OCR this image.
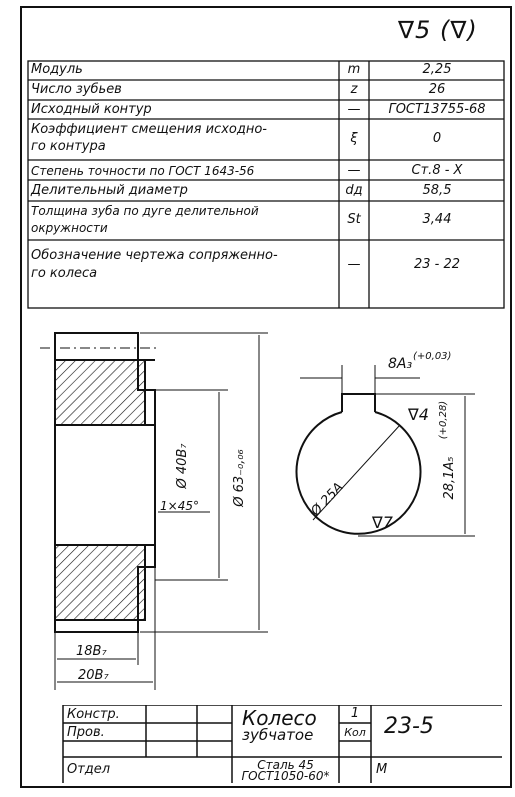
∇5 (∇)
Модуль	m	2,25
Число зубьев	z	26
Исходный контур	—	ГОСТ13755-68
Коэффициент смещения исходно-
го контура
ξ	0
Степень точности по ГОСТ 1643-56	—	Ст.8 - X
Делительный диаметр	dд	58,5
Толщина зуба по дуге делительной
окружности
St	3,44
Обозначение чертежа сопряженно-
го колеса
—	23 - 22
Ø 40B₇	Ø 63₋₀,₀₆
1×45°
18B₇
20B₇
8A₃ (+0,03)
28,1A₅
(+0,28)
Ø 25A
∇4
∇7
Констр.
Пров.
Отдел
Колесо
зубчатое
Сталь 45
ГОСТ1050-60*
1
Кол 23-5
М
